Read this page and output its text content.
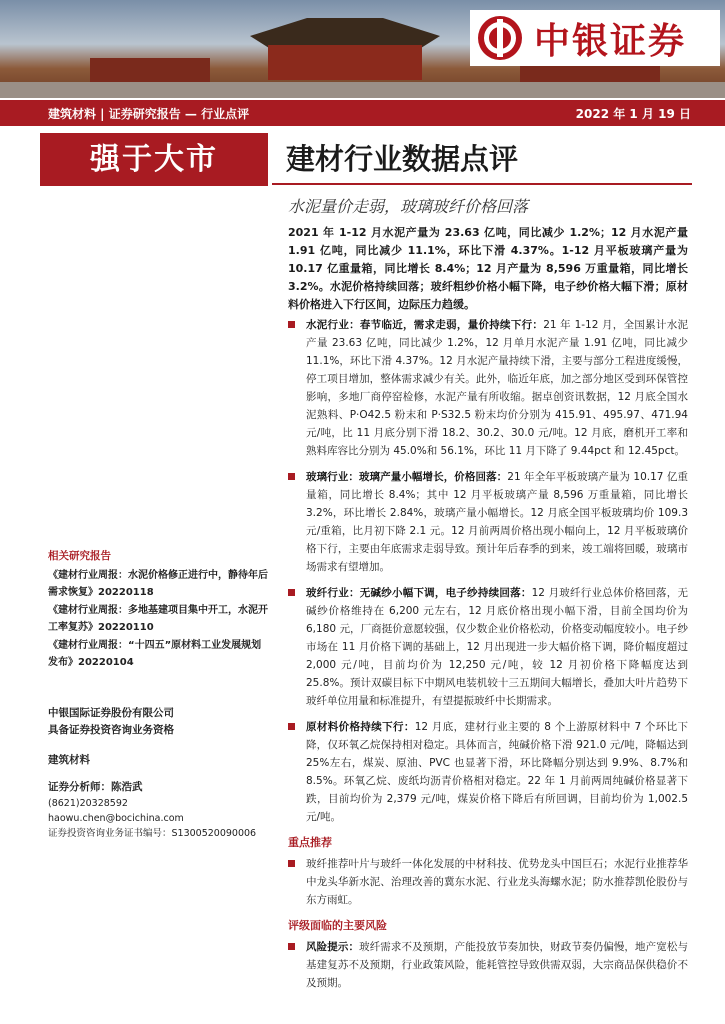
中银证券
建筑材料 | 证券研究报告 — 行业点评	2022 年 1 月 19 日
强于大市	建材行业数据点评
水泥量价走弱，玻璃玻纤价格回落
2021 年 1-12 月水泥产量为 23.63 亿吨，同比减少 1.2%；12 月水泥产量 1.91 亿吨，同比减少 11.1%，环比下滑 4.37%。1-12 月平板玻璃产量为 10.17 亿重量箱，同比增长 8.4%；12 月产量为 8,596 万重量箱，同比增长 3.2%。水泥价格持续回落；玻纤粗纱价格小幅下降，电子纱价格大幅下滑；原材料价格进入下行区间，边际压力趋缓。
水泥行业：春节临近，需求走弱，量价持续下行：21 年 1-12 月，全国累计水泥产量 23.63 亿吨，同比减少 1.2%，12 月单月水泥产量 1.91 亿吨，同比减少 11.1%，环比下滑 4.37%。12 月水泥产量持续下滑，主要与部分工程进度缓慢，停工项目增加，整体需求减少有关。此外，临近年底，加之部分地区受到环保管控影响，多地厂商停窑检修，水泥产量有所收缩。据卓创资讯数据，12 月底全国水泥熟料、P·O42.5 粉末和 P·S32.5 粉末均价分别为 415.91、495.97、471.94 元/吨，比 11 月底分别下滑 18.2、30.2、30.0 元/吨。12 月底，磨机开工率和熟料库容比分别为 45.0%和 56.1%，环比 11 月下降了 9.44pct 和 12.45pct。
玻璃行业：玻璃产量小幅增长，价格回落：21 年全年平板玻璃产量为 10.17 亿重量箱，同比增长 8.4%；其中 12 月平板玻璃产量 8,596 万重量箱，同比增长 3.2%，环比增长 2.84%，玻璃产量小幅增长。12 月底全国平板玻璃均价 109.3 元/重箱，比月初下降 2.1 元。12 月前两周价格出现小幅向上，12 月平板玻璃价格下行，主要由年底需求走弱导致。预计年后春季的到来，竣工端将回暖，玻璃市场需求有望增加。
玻纤行业：无碱纱小幅下调，电子纱持续回落：12 月玻纤行业总体价格回落，无碱纱价格维持在 6,200 元左右，12 月底价格出现小幅下滑，目前全国均价为 6,180 元，厂商挺价意愿较强，仅少数企业价格松动，价格变动幅度较小。电子纱市场在 11 月价格下调的基础上，12 月出现进一步大幅价格下调，降价幅度超过 2,000 元/吨，目前均价为 12,250 元/吨，较 12 月初价格下降幅度达到 25.8%。预计双碳目标下中期风电装机较十三五期间大幅增长，叠加大叶片趋势下玻纤单位用量和标准提升，有望提振玻纤中长期需求。
原材料价格持续下行：12 月底，建材行业主要的 8 个上游原材料中 7 个环比下降，仅环氧乙烷保持相对稳定。具体而言，纯碱价格下滑 921.0 元/吨，降幅达到 25%左右，煤炭、原油、PVC 也显著下滑，环比降幅分别达到 9.9%、8.7%和 8.5%。环氧乙烷、废纸均沥青价格相对稳定。22 年 1 月前两周纯碱价格显著下跌，目前均价为 2,379 元/吨，煤炭价格下降后有所回调，目前均价为 1,002.5 元/吨。
重点推荐
玻纤推荐叶片与玻纤一体化发展的中材科技、优势龙头中国巨石；水泥行业推荐华中龙头华新水泥、治理改善的冀东水泥、行业龙头海螺水泥；防水推荐凯伦股份与东方雨虹。
评级面临的主要风险
风险提示：玻纤需求不及预期，产能投放节奏加快，财政节奏仍偏慢，地产宽松与基建复苏不及预期，行业政策风险，能耗管控导致供需双弱，大宗商品保供稳价不及预期。
相关研究报告
《建材行业周报：水泥价格修正进行中，静待年后需求恢复》20220118
《建材行业周报：多地基建项目集中开工，水泥开工率复苏》20220110
《建材行业周报：“十四五”原材料工业发展规划发布》20220104
中银国际证券股份有限公司
具备证券投资咨询业务资格
建筑材料
证券分析师：陈浩武
(8621)20328592
haowu.chen@bocichina.com
证券投资咨询业务证书编号：S1300520090006
